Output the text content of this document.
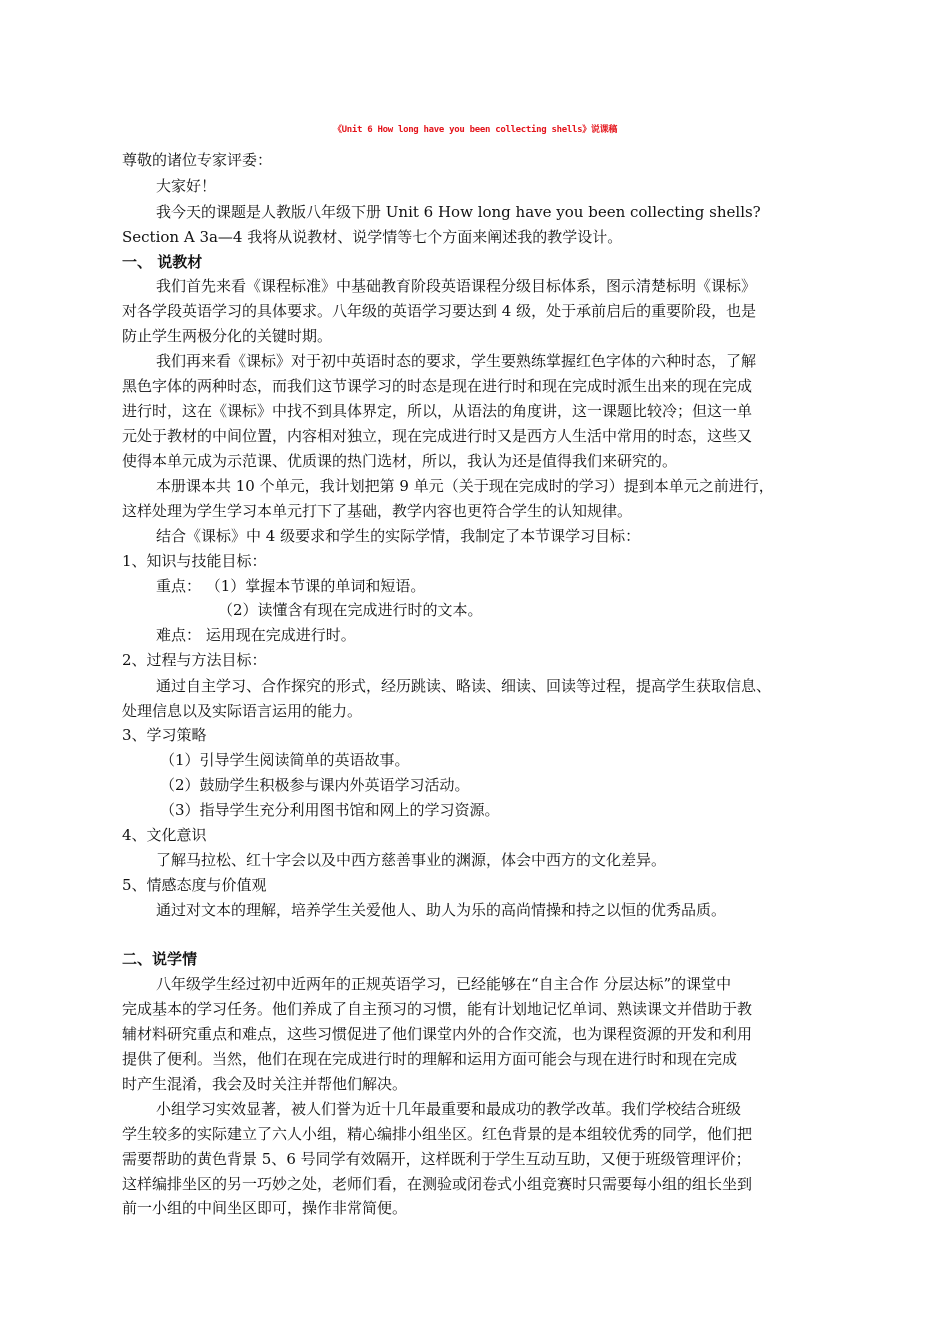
《Unit 6 How long have you been collecting shells》说课稿
尊敬的诸位专家评委：
大家好！
我今天的课题是人教版八年级下册 Unit 6 How long have you been collecting shells?
Section A 3a—4 我将从说教材、说学情等七个方面来阐述我的教学设计。
一、 说教材
我们首先来看《课程标准》中基础教育阶段英语课程分级目标体系，图示清楚标明《课标》
对各学段英语学习的具体要求。八年级的英语学习要达到 4 级，处于承前启后的重要阶段，也是
防止学生两极分化的关键时期。
我们再来看《课标》对于初中英语时态的要求，学生要熟练掌握红色字体的六种时态，了解
黑色字体的两种时态，而我们这节课学习的时态是现在进行时和现在完成时派生出来的现在完成
进行时，这在《课标》中找不到具体界定，所以，从语法的角度讲，这一课题比较冷；但这一单
元处于教材的中间位置，内容相对独立，现在完成进行时又是西方人生活中常用的时态，这些又
使得本单元成为示范课、优质课的热门选材，所以，我认为还是值得我们来研究的。
本册课本共 10 个单元，我计划把第 9 单元（关于现在完成时的学习）提到本单元之前进行，
这样处理为学生学习本单元打下了基础，教学内容也更符合学生的认知规律。
结合《课标》中 4 级要求和学生的实际学情，我制定了本节课学习目标：
1、知识与技能目标：
重点： （1）掌握本节课的单词和短语。
（2）读懂含有现在完成进行时的文本。
难点： 运用现在完成进行时。
2、过程与方法目标：
通过自主学习、合作探究的形式，经历跳读、略读、细读、回读等过程，提高学生获取信息、
处理信息以及实际语言运用的能力。
3、学习策略
（1）引导学生阅读简单的英语故事。
（2）鼓励学生积极参与课内外英语学习活动。
（3）指导学生充分利用图书馆和网上的学习资源。
4、文化意识
了解马拉松、红十字会以及中西方慈善事业的渊源，体会中西方的文化差异。
5、情感态度与价值观
通过对文本的理解，培养学生关爱他人、助人为乐的高尚情操和持之以恒的优秀品质。
二、说学情
八年级学生经过初中近两年的正规英语学习，已经能够在“自主合作 分层达标”的课堂中
完成基本的学习任务。他们养成了自主预习的习惯，能有计划地记忆单词、熟读课文并借助于教
辅材料研究重点和难点，这些习惯促进了他们课堂内外的合作交流，也为课程资源的开发和利用
提供了便利。当然，他们在现在完成进行时的理解和运用方面可能会与现在进行时和现在完成
时产生混淆，我会及时关注并帮他们解决。
小组学习实效显著，被人们誉为近十几年最重要和最成功的教学改革。我们学校结合班级
学生较多的实际建立了六人小组，精心编排小组坐区。红色背景的是本组较优秀的同学，他们把
需要帮助的黄色背景 5、6 号同学有效隔开，这样既利于学生互动互助，又便于班级管理评价；
这样编排坐区的另一巧妙之处，老师们看，在测验或闭卷式小组竞赛时只需要每小组的组长坐到
前一小组的中间坐区即可，操作非常简便。
